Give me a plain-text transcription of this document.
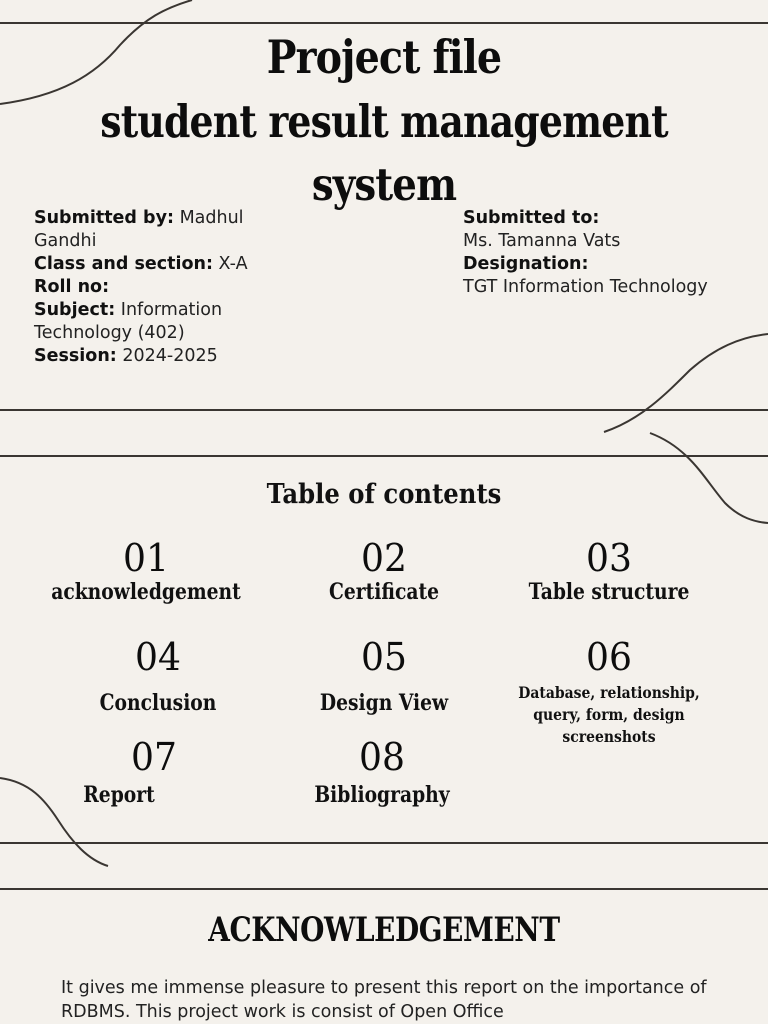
Project file
student result management
system
Submitted by: Madhul Gandhi
Class and section: X-A
Roll no:
Subject: Information Technology (402)
Session: 2024-2025
Submitted to:
Ms. Tamanna Vats
Designation:
TGT Information Technology
Table of contents
01
acknowledgement
02
Certificate
03
Table structure
04
Conclusion
05
Design View
06
Database, relationship, query, form, design screenshots
07
Report
08
Bibliography
ACKNOWLEDGEMENT
It gives me immense pleasure to present this report on the importance of RDBMS. This project work is consist of Open Office
